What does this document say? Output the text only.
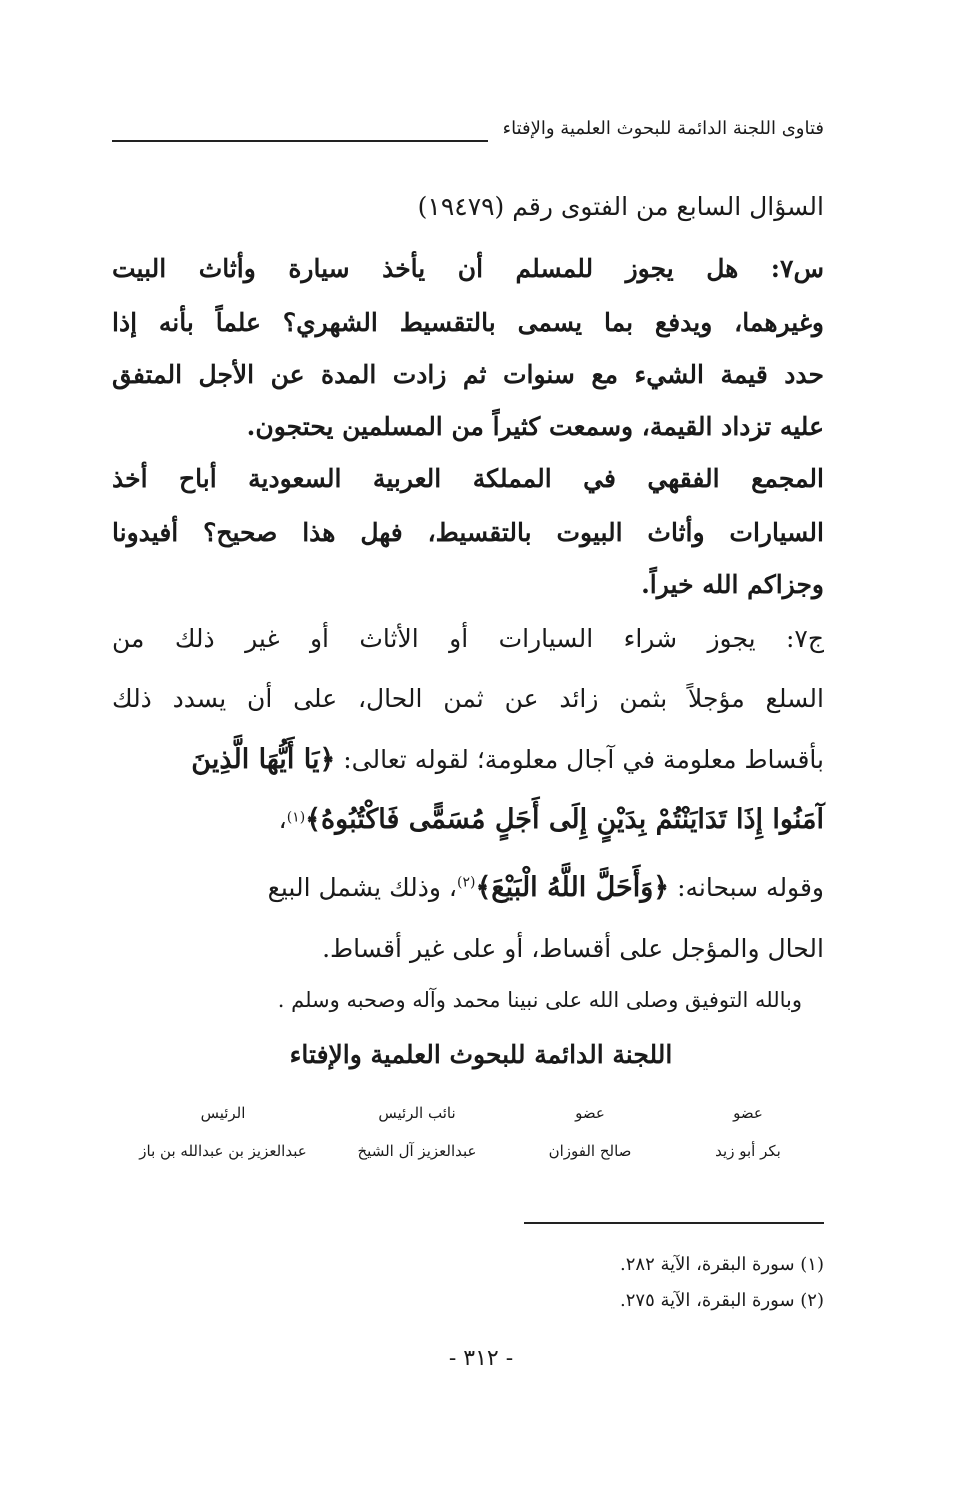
فتاوى اللجنة الدائمة للبحوث العلمية والإفتاء
السؤال السابع من الفتوى رقم (١٩٤٧٩)
س٧: هل يجوز للمسلم أن يأخذ سيارة وأثاث البيت
وغيرهما، ويدفع بما يسمى بالتقسيط الشهري؟ علماً بأنه إذا
حدد قيمة الشيء مع سنوات ثم زادت المدة عن الأجل المتفق
عليه تزداد القيمة، وسمعت كثيراً من المسلمين يحتجون.
المجمع الفقهي في المملكة العربية السعودية أباح أخذ
السيارات وأثاث البيوت بالتقسيط، فهل هذا صحيح؟ أفيدونا
وجزاكم الله خيراً.
ج٧: يجوز شراء السيارات أو الأثاث أو غير ذلك من
السلع مؤجلاً بثمن زائد عن ثمن الحال، على أن يسدد ذلك
بأقساط معلومة في آجال معلومة؛ لقوله تعالى: ﴿يَا أَيُّهَا الَّذِينَ
آمَنُوا إِذَا تَدَايَنْتُمْ بِدَيْنٍ إِلَى أَجَلٍ مُسَمًّى فَاكْتُبُوهُ﴾$^{(١)}$،
وقوله سبحانه: ﴿وَأَحَلَّ اللَّهُ الْبَيْعَ﴾$^{(٢)}$، وذلك يشمل البيع
الحال والمؤجل على أقساط، أو على غير أقساط.
وبالله التوفيق وصلى الله على نبينا محمد وآله وصحبه وسلم .
اللجنة الدائمة للبحوث العلمية والإفتاء
عضو
بكر أبو زيد
عضو
صالح الفوزان
نائب الرئيس
عبدالعزيز آل الشيخ
الرئيس
عبدالعزيز بن عبدالله بن باز
(١) سورة البقرة، الآية ٢٨٢.
(٢) سورة البقرة، الآية ٢٧٥.
- ٣١٢ -
